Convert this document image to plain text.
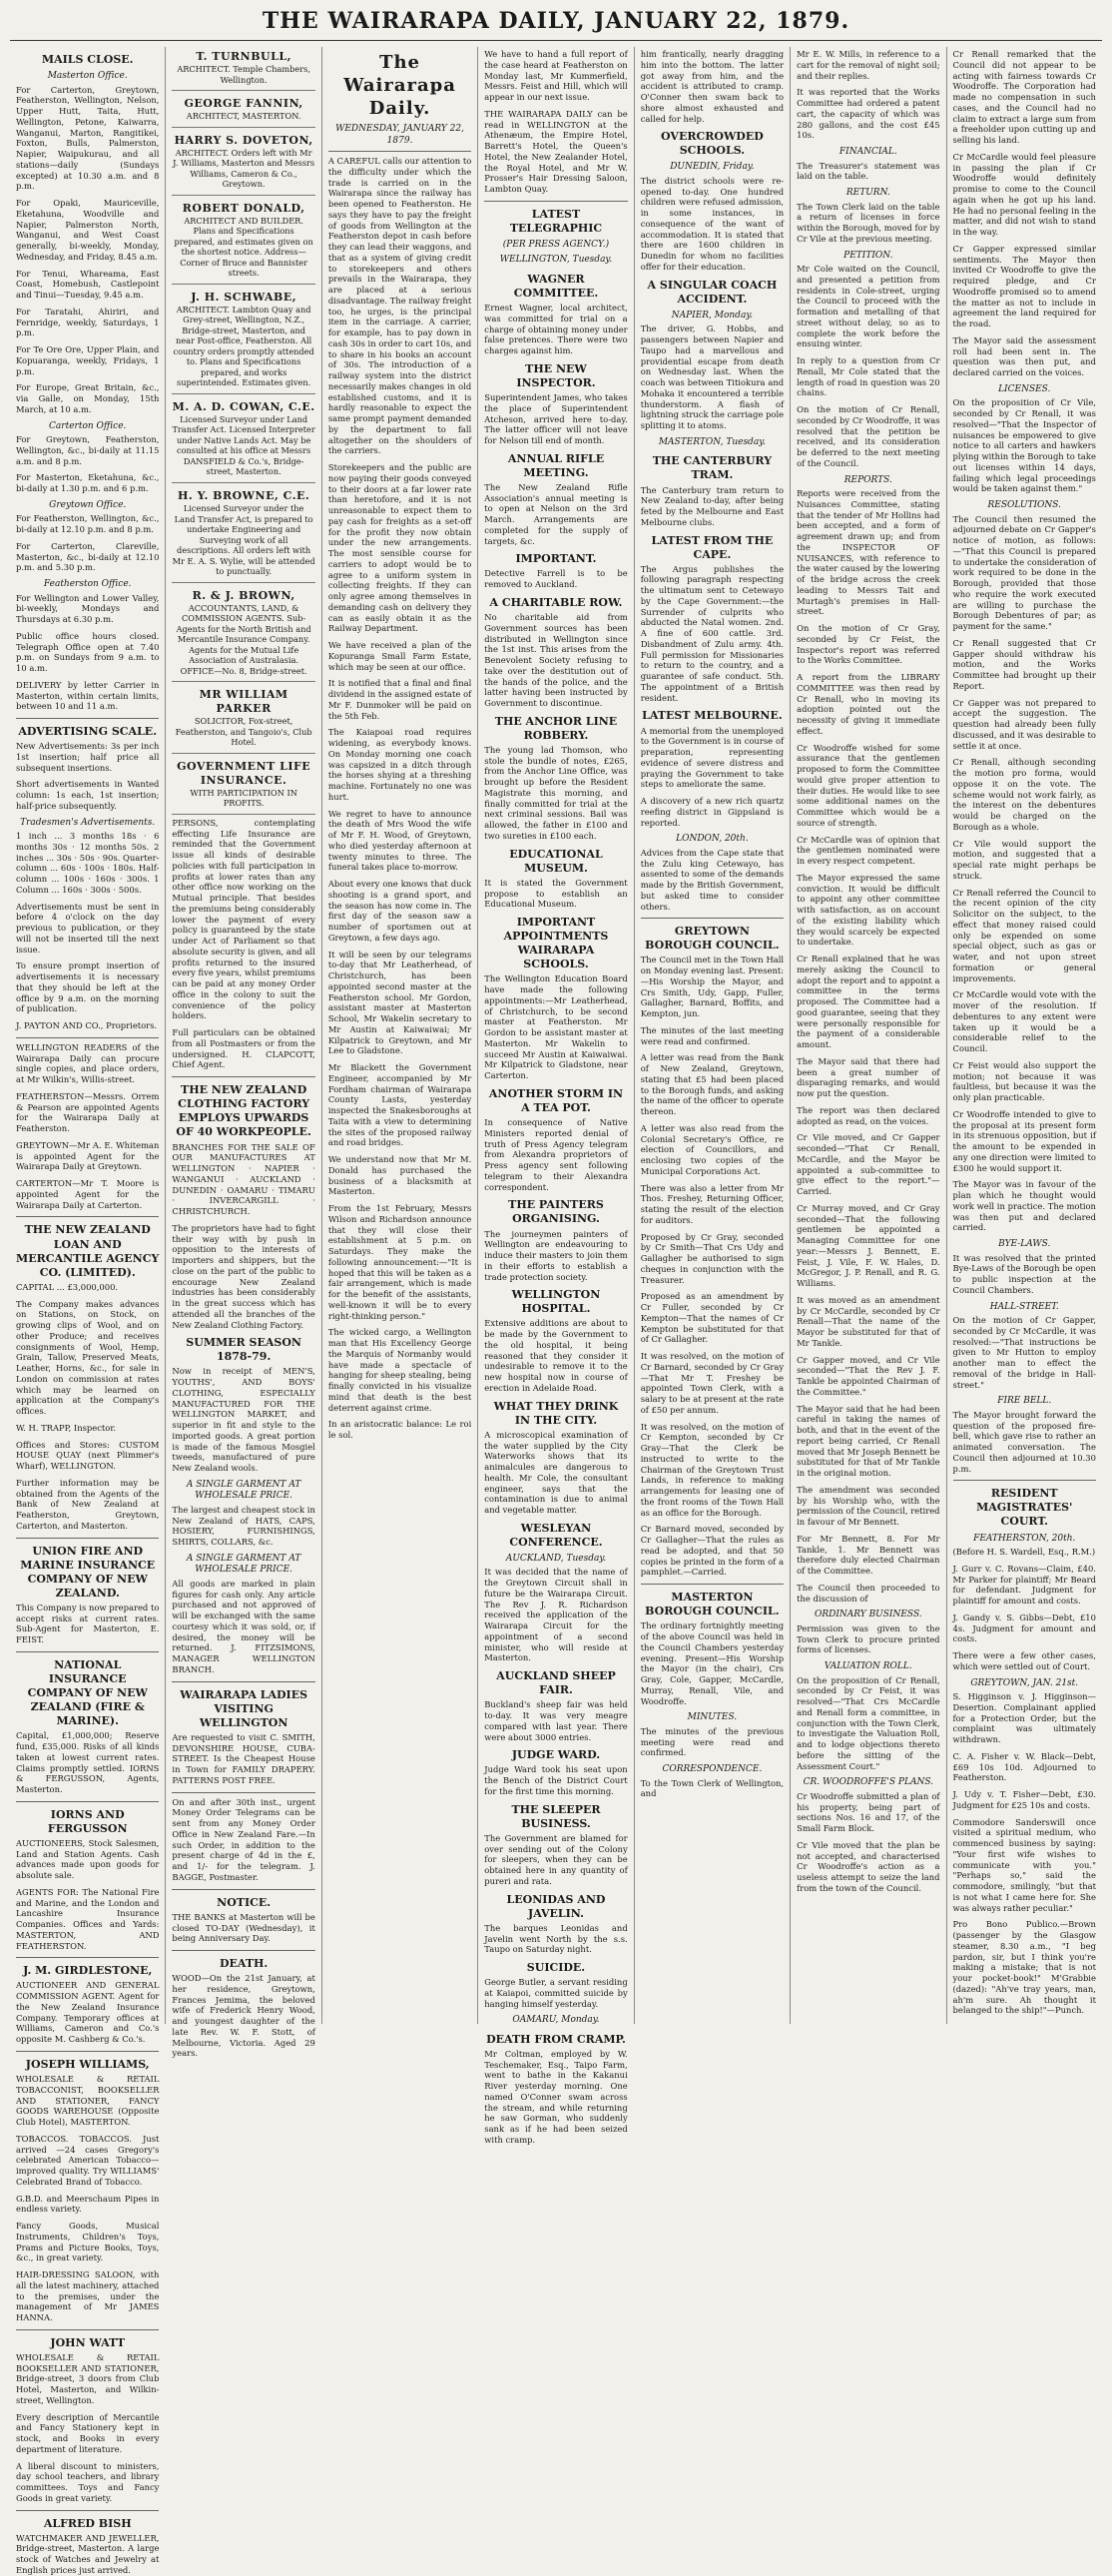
THE WAIRARAPA DAILY, JANUARY 22, 1879.
MAILS CLOSE.
Masterton Office.
For Carterton, Greytown, Featherston, Wellington, Nelson, Upper Hutt, Taita, Hutt, Wellington, Petone, Kaiwarra, Wanganui, Marton, Rangitikei, Foxton, Bulls, Palmerston, Napier, Waipukurau, and all stations—daily (Sundays excepted) at 10.30 a.m. and 8 p.m.
For Opaki, Mauriceville, Eketahuna, Woodville and Napier, Palmerston North, Wanganui, and West Coast generally, bi-weekly, Monday, Wednesday, and Friday, 8.45 a.m.
For Tenui, Whareama, East Coast, Homebush, Castlepoint and Tinui—Tuesday, 9.45 a.m.
For Taratahi, Ahiriri, and Fernridge, weekly, Saturdays, 1 p.m.
For Te Ore Ore, Upper Plain, and Kopuaranga, weekly, Fridays, 1 p.m.
For Europe, Great Britain, &c., via Galle, on Monday, 15th March, at 10 a.m.
Carterton Office.
For Greytown, Featherston, Wellington, &c., bi-daily at 11.15 a.m. and 8 p.m.
For Masterton, Eketahuna, &c., bi-daily at 1.30 p.m. and 6 p.m.
Greytown Office.
For Featherston, Wellington, &c., bi-daily at 12.10 p.m. and 8 p.m.
For Carterton, Clareville, Masterton, &c., bi-daily at 12.10 p.m. and 5.30 p.m.
Featherston Office.
For Wellington and Lower Valley, bi-weekly, Mondays and Thursdays at 6.30 p.m.
Public office hours closed. Telegraph Office open at 7.40 p.m. on Sundays from 9 a.m. to 10 a.m.
DELIVERY by letter Carrier in Masterton, within certain limits, between 10 and 11 a.m.
ADVERTISING SCALE.
New Advertisements: 3s per inch 1st insertion; half price all subsequent insertions.
Short advertisements in Wanted column: 1s each, 1st insertion; half-price subsequently.
Tradesmen's Advertisements.
1 inch ... 3 months 18s · 6 months 30s · 12 months 50s. 2 inches ... 30s · 50s · 90s. Quarter-column ... 60s · 100s · 180s. Half-column ... 100s · 160s · 300s. 1 Column ... 160s · 300s · 500s.
Advertisements must be sent in before 4 o'clock on the day previous to publication, or they will not be inserted till the next issue.
To ensure prompt insertion of advertisements it is necessary that they should be left at the office by 9 a.m. on the morning of publication.
J. PAYTON AND CO., Proprietors.
WELLINGTON READERS of the Wairarapa Daily can procure single copies, and place orders, at Mr Wilkin's, Willis-street.
FEATHERSTON—Messrs. Orrem & Pearson are appointed Agents for the Wairarapa Daily at Featherston.
GREYTOWN—Mr A. E. Whiteman is appointed Agent for the Wairarapa Daily at Greytown.
CARTERTON—Mr T. Moore is appointed Agent for the Wairarapa Daily at Carterton.
THE NEW ZEALAND LOAN AND MERCANTILE AGENCY CO. (LIMITED).
CAPITAL ... £3,000,000.
The Company makes advances on Stations, on Stock, on growing clips of Wool, and on other Produce; and receives consignments of Wool, Hemp, Grain, Tallow, Preserved Meats, Leather, Horns, &c., for sale in London on commission at rates which may be learned on application at the Company's offices.
W. H. TRAPP, Inspector.
Offices and Stores: CUSTOM HOUSE QUAY (next Plimmer's Wharf), WELLINGTON.
Further information may be obtained from the Agents of the Bank of New Zealand at Featherston, Greytown, Carterton, and Masterton.
UNION FIRE AND MARINE INSURANCE COMPANY OF NEW ZEALAND.
This Company is now prepared to accept risks at current rates. Sub-Agent for Masterton, E. FEIST.
NATIONAL INSURANCE COMPANY OF NEW ZEALAND (FIRE & MARINE).
Capital, £1,000,000; Reserve fund, £35,000. Risks of all kinds taken at lowest current rates. Claims promptly settled. IORNS & FERGUSSON, Agents, Masterton.
IORNS AND FERGUSSON
AUCTIONEERS, Stock Salesmen, Land and Station Agents. Cash advances made upon goods for absolute sale.
AGENTS FOR: The National Fire and Marine, and the London and Lancashire Insurance Companies. Offices and Yards: MASTERTON, AND FEATHERSTON.
J. M. GIRDLESTONE,
AUCTIONEER AND GENERAL COMMISSION AGENT. Agent for the New Zealand Insurance Company. Temporary offices at Williams, Cameron and Co.'s opposite M. Cashberg & Co.'s.
JOSEPH WILLIAMS,
WHOLESALE & RETAIL TOBACCONIST, BOOKSELLER AND STATIONER, FANCY GOODS WAREHOUSE (Opposite Club Hotel), MASTERTON.
TOBACCOS. TOBACCOS. Just arrived —24 cases Gregory's celebrated American Tobacco—improved quality. Try WILLIAMS' Celebrated Brand of Tobacco.
G.B.D. and Meerschaum Pipes in endless variety.
Fancy Goods, Musical Instruments, Children's Toys, Prams and Picture Books, Toys, &c., in great variety.
HAIR-DRESSING SALOON, with all the latest machinery, attached to the premises, under the management of Mr JAMES HANNA.
JOHN WATT
WHOLESALE & RETAIL BOOKSELLER AND STATIONER, Bridge-street, 3 doors from Club Hotel, Masterton, and Wilkin-street, Wellington.
Every description of Mercantile and Fancy Stationery kept in stock, and Books in every department of literature.
A liberal discount to ministers, day school teachers, and library committees. Toys and Fancy Goods in great variety.
ALFRED BISH
WATCHMAKER AND JEWELLER, Bridge-street, Masterton. A large stock of Watches and Jewelry at English prices just arrived.
T. TURNBULL,
ARCHITECT. Temple Chambers, Wellington.
GEORGE FANNIN,
ARCHITECT, MASTERTON.
HARRY S. DOVETON,
ARCHITECT. Orders left with Mr J. Williams, Masterton and Messrs Williams, Cameron & Co., Greytown.
ROBERT DONALD,
ARCHITECT AND BUILDER. Plans and Specifications prepared, and estimates given on the shortest notice. Address—Corner of Bruce and Bannister streets.
J. H. SCHWABE,
ARCHITECT. Lambton Quay and Grey-street, Wellington, N.Z., Bridge-street, Masterton, and near Post-office, Featherston. All country orders promptly attended to. Plans and Specifications prepared, and works superintended. Estimates given.
M. A. D. COWAN, C.E.
Licensed Surveyor under Land Transfer Act. Licensed Interpreter under Native Lands Act. May be consulted at his office at Messrs DANSFIELD & Co.'s, Bridge-street, Masterton.
H. Y. BROWNE, C.E.
Licensed Surveyor under the Land Transfer Act, is prepared to undertake Engineering and Surveying work of all descriptions. All orders left with Mr E. A. S. Wylie, will be attended to punctually.
R. & J. BROWN,
ACCOUNTANTS, LAND, & COMMISSION AGENTS. Sub-Agents for the North British and Mercantile Insurance Company. Agents for the Mutual Life Association of Australasia. OFFICE—No. 8, Bridge-street.
MR WILLIAM PARKER
SOLICITOR, Fox-street, Featherston, and Tangoio's, Club Hotel.
GOVERNMENT LIFE INSURANCE.
WITH PARTICIPATION IN PROFITS.
PERSONS, contemplating effecting Life Insurance are reminded that the Government issue all kinds of desirable policies with full participation in profits at lower rates than any other office now working on the Mutual principle. That besides the premiums being considerably lower the payment of every policy is guaranteed by the state under Act of Parliament so that absolute security is given, and all profits returned to the insured every five years, whilst premiums can be paid at any money Order office in the colony to suit the convenience of the policy holders.
Full particulars can be obtained from all Postmasters or from the undersigned. H. CLAPCOTT, Chief Agent.
THE NEW ZEALAND CLOTHING FACTORY EMPLOYS UPWARDS OF 40 WORKPEOPLE.
BRANCHES FOR THE SALE OF OUR MANUFACTURES AT WELLINGTON · NAPIER · WANGANUI · AUCKLAND · DUNEDIN · OAMARU · TIMARU · INVERCARGILL · CHRISTCHURCH.
The proprietors have had to fight their way with by push in opposition to the interests of importers and shippers, but the close on the part of the public to encourage New Zealand industries has been considerably in the great success which has attended all the branches of the New Zealand Clothing Factory.
SUMMER SEASON 1878-79.
Now in receipt of MEN'S, YOUTHS', AND BOYS' CLOTHING, ESPECIALLY MANUFACTURED FOR THE WELLINGTON MARKET, and superior in fit and style to the imported goods. A great portion is made of the famous Mosgiel tweeds, manufactured of pure New Zealand wools.
A SINGLE GARMENT AT WHOLESALE PRICE.
The largest and cheapest stock in New Zealand of HATS, CAPS, HOSIERY, FURNISHINGS, SHIRTS, COLLARS, &c.
A SINGLE GARMENT AT WHOLESALE PRICE.
All goods are marked in plain figures for cash only. Any article purchased and not approved of will be exchanged with the same courtesy which it was sold, or, if desired, the money will be returned. J. FITZSIMONS, MANAGER WELLINGTON BRANCH.
WAIRARAPA LADIES VISITING WELLINGTON
Are requested to visit C. SMITH, DEVONSHIRE HOUSE, CUBA-STREET. Is the Cheapest House in Town for FAMILY DRAPERY. PATTERNS POST FREE.
On and after 30th inst., urgent Money Order Telegrams can be sent from any Money Order Office in New Zealand Fare.—In such Order, in addition to the present charge of 4d in the £, and 1/- for the telegram. J. BAGGE, Postmaster.
NOTICE.
THE BANKS at Masterton will be closed TO-DAY (Wednesday), it being Anniversary Day.
DEATH.
WOOD—On the 21st January, at her residence, Greytown, Frances Jemima, the beloved wife of Frederick Henry Wood, and youngest daughter of the late Rev. W. F. Stott, of Melbourne, Victoria. Aged 29 years.
The Wairarapa Daily.
WEDNESDAY, JANUARY 22, 1879.
A CAREFUL calls our attention to the difficulty under which the trade is carried on in the Wairarapa since the railway has been opened to Featherston. He says they have to pay the freight of goods from Wellington at the Featherston depot in cash before they can lead their waggons, and that as a system of giving credit to storekeepers and others prevails in the Wairarapa, they are placed at a serious disadvantage. The railway freight too, he urges, is the principal item in the carriage. A carrier, for example, has to pay down in cash 30s in order to cart 10s, and to share in his books an account of 30s. The introduction of a railway system into the district necessarily makes changes in old established customs, and it is hardly reasonable to expect the same prompt payment demanded by the department to fall altogether on the shoulders of the carriers.
Storekeepers and the public are now paying their goods conveyed to their doors at a far lower rate than heretofore, and it is not unreasonable to expect them to pay cash for freights as a set-off for the profit they now obtain under the new arrangements. The most sensible course for carriers to adopt would be to agree to a uniform system in collecting freights. If they can only agree among themselves in demanding cash on delivery they can as easily obtain it as the Railway Department.
We have received a plan of the Kopuranga Small Farm Estate, which may be seen at our office.
It is notified that a final and final dividend in the assigned estate of Mr F. Dunmoker will be paid on the 5th Feb.
The Kaiapoai road requires widening, as everybody knows. On Monday morning one coach was capsized in a ditch through the horses shying at a threshing machine. Fortunately no one was hurt.
We regret to have to announce the death of Mrs Wood the wife of Mr F. H. Wood, of Greytown, who died yesterday afternoon at twenty minutes to three. The funeral takes place to-morrow.
About every one knows that duck shooting is a grand sport, and the season has now come in. The first day of the season saw a number of sportsmen out at Greytown, a few days ago.
It will be seen by our telegrams to-day that Mr Leatherhead, of Christchurch, has been appointed second master at the Featherston school. Mr Gordon, assistant master at Masterton School, Mr Wakelin secretary to Mr Austin at Kaiwaiwai; Mr Kilpatrick to Greytown, and Mr Lee to Gladstone.
Mr Blackett the Government Engineer, accompanied by Mr Fordham chairman of Wairarapa County Lasts, yesterday inspected the Snakesboroughs at Taita with a view to determining the sites of the proposed railway and road bridges.
We understand now that Mr M. Donald has purchased the business of a blacksmith at Masterton.
From the 1st February, Messrs Wilson and Richardson announce that they will close their establishment at 5 p.m. on Saturdays. They make the following announcement:—"It is hoped that this will be taken as a fair arrangement, which is made for the benefit of the assistants, well-known it will be to every right-thinking person."
The wicked cargo, a Wellington man that His Excellency George the Marquis of Normanby would have made a spectacle of hanging for sheep stealing, being finally convicted in his visualize mind that death is the best deterrent against crime.
In an aristocratic balance: Le roi le sol.
We have to hand a full report of the case heard at Featherston on Monday last, Mr Kummerfield, Messrs. Feist and Hill, which will appear in our next issue.
THE WAIRARAPA DAILY can be read in WELLINGTON at the Athenæum, the Empire Hotel, Barrett's Hotel, the Queen's Hotel, the New Zealander Hotel, the Royal Hotel, and Mr W. Prosser's Hair Dressing Saloon, Lambton Quay.
LATEST TELEGRAPHIC
(PER PRESS AGENCY.)
WELLINGTON, Tuesday.
WAGNER COMMITTEE.
Ernest Wagner, local architect, was committed for trial on a charge of obtaining money under false pretences. There were two charges against him.
THE NEW INSPECTOR.
Superintendent James, who takes the place of Superintendent Atcheson, arrived here to-day. The latter officer will not leave for Nelson till end of month.
ANNUAL RIFLE MEETING.
The New Zealand Rifle Association's annual meeting is to open at Nelson on the 3rd March. Arrangements are completed for the supply of targets, &c.
IMPORTANT.
Detective Farrell is to be removed to Auckland.
A CHARITABLE ROW.
No charitable aid from Government sources has been distributed in Wellington since the 1st inst. This arises from the Benevolent Society refusing to take over the destitution out of the hands of the police, and the latter having been instructed by Government to discontinue.
THE ANCHOR LINE ROBBERY.
The young lad Thomson, who stole the bundle of notes, £265, from the Anchor Line Office, was brought up before the Resident Magistrate this morning, and finally committed for trial at the next criminal sessions. Bail was allowed, the father in £100 and two sureties in £100 each.
EDUCATIONAL MUSEUM.
It is stated the Government propose to establish an Educational Museum.
IMPORTANT APPOINTMENTS WAIRARAPA SCHOOLS.
The Wellington Education Board have made the following appointments:—Mr Leatherhead, of Christchurch, to be second master at Featherston. Mr Gordon to be assistant master at Masterton. Mr Wakelin to succeed Mr Austin at Kaiwaiwai. Mr Kilpatrick to Gladstone, near Carterton.
ANOTHER STORM IN A TEA POT.
In consequence of Native Ministers reported denial of truth of Press Agency telegram from Alexandra proprietors of Press agency sent following telegram to their Alexandra correspondent.
THE PAINTERS ORGANISING.
The journeymen painters of Wellington are endeavouring to induce their masters to join them in their efforts to establish a trade protection society.
WELLINGTON HOSPITAL.
Extensive additions are about to be made by the Government to the old hospital, it being reasoned that they consider it undesirable to remove it to the new hospital now in course of erection in Adelaide Road.
WHAT THEY DRINK IN THE CITY.
A microscopical examination of the water supplied by the City Waterworks shows that its animalcules are dangerous to health. Mr Cole, the consultant engineer, says that the contamination is due to animal and vegetable matter.
WESLEYAN CONFERENCE.
AUCKLAND, Tuesday.
It was decided that the name of the Greytown Circuit shall in future be the Wairarapa Circuit. The Rev J. R. Richardson received the application of the Wairarapa Circuit for the appointment of a second minister, who will reside at Masterton.
AUCKLAND SHEEP FAIR.
Buckland's sheep fair was held to-day. It was very meagre compared with last year. There were about 3000 entries.
JUDGE WARD.
Judge Ward took his seat upon the Bench of the District Court for the first time this morning.
THE SLEEPER BUSINESS.
The Government are blamed for over sending out of the Colony for sleepers, when they can be obtained here in any quantity of pureri and rata.
LEONIDAS AND JAVELIN.
The barques Leonidas and Javelin went North by the s.s. Taupo on Saturday night.
SUICIDE.
George Butler, a servant residing at Kaiapoi, committed suicide by hanging himself yesterday.
OAMARU, Monday.
DEATH FROM CRAMP.
Mr Coltman, employed by W. Teschemaker, Esq., Taipo Farm, went to bathe in the Kakanui River yesterday morning. One named O'Conner swam across the stream, and while returning he saw Gorman, who suddenly sank as if he had been seized with cramp.
him frantically, nearly dragging him into the bottom. The latter got away from him, and the accident is attributed to cramp. O'Conner then swam back to shore almost exhausted and called for help.
OVERCROWDED SCHOOLS.
DUNEDIN, Friday.
The district schools were re-opened to-day. One hundred children were refused admission, in some instances, in consequence of the want of accommodation. It is stated that there are 1600 children in Dunedin for whom no facilities offer for their education.
A SINGULAR COACH ACCIDENT.
NAPIER, Monday.
The driver, G. Hobbs, and passengers between Napier and Taupo had a marvellous and providential escape from death on Wednesday last. When the coach was between Titiokura and Mohaka it encountered a terrible thunderstorm. A flash of lightning struck the carriage pole splitting it to atoms.
MASTERTON, Tuesday.
THE CANTERBURY TRAM.
The Canterbury tram return to New Zealand to-day, after being feted by the Melbourne and East Melbourne clubs.
LATEST FROM THE CAPE.
The Argus publishes the following paragraph respecting the ultimatum sent to Cetewayo by the Cape Government:—the Surrender of culprits who abducted the Natal women. 2nd. A fine of 600 cattle. 3rd. Disbandment of Zulu army. 4th. Full permission for Missionaries to return to the country, and a guarantee of safe conduct. 5th. The appointment of a British resident.
LATEST MELBOURNE.
A memorial from the unemployed to the Government is in course of preparation, representing evidence of severe distress and praying the Government to take steps to ameliorate the same.
A discovery of a new rich quartz reefing district in Gippsland is reported.
LONDON, 20th.
Advices from the Cape state that the Zulu king Cetewayo, has assented to some of the demands made by the British Government, but asked time to consider others.
GREYTOWN BOROUGH COUNCIL.
The Council met in the Town Hall on Monday evening last. Present:—His Worship the Mayor, and Crs Smith, Udy, Gapp, Fuller, Gallagher, Barnard, Boffits, and Kempton, jun.
The minutes of the last meeting were read and confirmed.
A letter was read from the Bank of New Zealand, Greytown, stating that £5 had been placed to the Borough funds, and asking the name of the officer to operate thereon.
A letter was also read from the Colonial Secretary's Office, re election of Councillors, and enclosing two copies of the Municipal Corporations Act.
There was also a letter from Mr Thos. Freshey, Returning Officer, stating the result of the election for auditors.
Proposed by Cr Gray, seconded by Cr Smith—That Crs Udy and Gallagher be authorised to sign cheques in conjunction with the Treasurer.
Proposed as an amendment by Cr Fuller, seconded by Cr Kempton—That the names of Cr Kempton be substituted for that of Cr Gallagher.
It was resolved, on the motion of Cr Barnard, seconded by Cr Gray—That Mr T. Freshey be appointed Town Clerk, with a salary to be at present at the rate of £50 per annum.
It was resolved, on the motion of Cr Kempton, seconded by Cr Gray—That the Clerk be instructed to write to the Chairman of the Greytown Trust Lands, in reference to making arrangements for leasing one of the front rooms of the Town Hall as an office for the Borough.
Cr Barnard moved, seconded by Cr Gallagher—That the rules as read be adopted, and that 50 copies be printed in the form of a pamphlet.—Carried.
MASTERTON BOROUGH COUNCIL.
The ordinary fortnightly meeting of the above Council was held in the Council Chambers yesterday evening. Present—His Worship the Mayor (in the chair), Crs Gray, Cole, Gapper, McCardle, Murray, Renall, Vile, and Woodroffe.
MINUTES.
The minutes of the previous meeting were read and confirmed.
CORRESPONDENCE.
To the Town Clerk of Wellington, and
Mr E. W. Mills, in reference to a cart for the removal of night soil; and their replies.
It was reported that the Works Committee had ordered a patent cart, the capacity of which was 280 gallons, and the cost £45 10s.
FINANCIAL.
The Treasurer's statement was laid on the table.
RETURN.
The Town Clerk laid on the table a return of licenses in force within the Borough, moved for by Cr Vile at the previous meeting.
PETITION.
Mr Cole waited on the Council, and presented a petition from residents in Cole-street, urging the Council to proceed with the formation and metalling of that street without delay, so as to complete the work before the ensuing winter.
In reply to a question from Cr Renall, Mr Cole stated that the length of road in question was 20 chains.
On the motion of Cr Renall, seconded by Cr Woodroffe, it was resolved that the petition be received, and its consideration be deferred to the next meeting of the Council.
REPORTS.
Reports were received from the Nuisances Committee, stating that the tender of Mr Hollins had been accepted, and a form of agreement drawn up; and from the INSPECTOR OF NUISANCES, with reference to the water caused by the lowering of the bridge across the creek leading to Messrs Tait and Murtagh's premises in Hall-street.
On the motion of Cr Gray, seconded by Cr Feist, the Inspector's report was referred to the Works Committee.
A report from the LIBRARY COMMITTEE was then read by Cr Renall, who in moving its adoption pointed out the necessity of giving it immediate effect.
Cr Woodroffe wished for some assurance that the gentlemen proposed to form the Committee would give proper attention to their duties. He would like to see some additional names on the Committee which would be a source of strength.
Cr McCardle was of opinion that the gentlemen nominated were in every respect competent.
The Mayor expressed the same conviction. It would be difficult to appoint any other committee with satisfaction, as on account of the existing liability which they would scarcely be expected to undertake.
Cr Renall explained that he was merely asking the Council to adopt the report and to appoint a committee in the terms proposed. The Committee had a good guarantee, seeing that they were personally responsible for the payment of a considerable amount.
The Mayor said that there had been a great number of disparaging remarks, and would now put the question.
The report was then declared adopted as read, on the voices.
Cr Vile moved, and Cr Gapper seconded—"That Cr Renall, McCardle, and the Mayor be appointed a sub-committee to give effect to the report."—Carried.
Cr Murray moved, and Cr Gray seconded—That the following gentlemen be appointed a Managing Committee for one year:—Messrs J. Bennett, E. Feist, J. Vile, F. W. Hales, D. McGregor, J. P. Renall, and R. G. Williams.
It was moved as an amendment by Cr McCardle, seconded by Cr Renall—That the name of the Mayor be substituted for that of Mr Tankle.
Cr Gapper moved, and Cr Vile seconded—"That the Rev J. F. Tankle be appointed Chairman of the Committee."
The Mayor said that he had been careful in taking the names of both, and that in the event of the report being carried, Cr Renall moved that Mr Joseph Bennett be substituted for that of Mr Tankle in the original motion.
The amendment was seconded by his Worship who, with the permission of the Council, retired in favour of Mr Bennett.
For Mr Bennett, 8. For Mr Tankle, 1. Mr Bennett was therefore duly elected Chairman of the Committee.
The Council then proceeded to the discussion of
ORDINARY BUSINESS.
Permission was given to the Town Clerk to procure printed forms of licenses.
VALUATION ROLL.
On the proposition of Cr Renall, seconded by Cr Feist, it was resolved—"That Crs McCardle and Renall form a committee, in conjunction with the Town Clerk, to investigate the Valuation Roll, and to lodge objections thereto before the sitting of the Assessment Court."
CR. WOODROFFE'S PLANS.
Cr Woodroffe submitted a plan of his property, being part of sections Nos. 16 and 17, of the Small Farm Block.
Cr Vile moved that the plan be not accepted, and characterised Cr Woodroffe's action as a useless attempt to seize the land from the town of the Council.
Cr Renall remarked that the Council did not appear to be acting with fairness towards Cr Woodroffe. The Corporation had made no compensation in such cases, and the Council had no claim to extract a large sum from a freeholder upon cutting up and selling his land.
Cr McCardle would feel pleasure in passing the plan if Cr Woodroffe would definitely promise to come to the Council again when he got up his land. He had no personal feeling in the matter, and did not wish to stand in the way.
Cr Gapper expressed similar sentiments. The Mayor then invited Cr Woodroffe to give the required pledge, and Cr Woodroffe promised so to amend the matter as not to include in agreement the land required for the road.
The Mayor said the assessment roll had been sent in. The question was then put, and declared carried on the voices.
LICENSES.
On the proposition of Cr Vile, seconded by Cr Renall, it was resolved—"That the Inspector of nuisances be empowered to give notice to all carters and hawkers plying within the Borough to take out licenses within 14 days, failing which legal proceedings would be taken against them."
RESOLUTIONS.
The Council then resumed the adjourned debate on Cr Gapper's notice of motion, as follows:—"That this Council is prepared to undertake the consideration of work required to be done in the Borough, provided that those who require the work executed are willing to purchase the Borough Debentures of par; as payment for the same."
Cr Renall suggested that Cr Gapper should withdraw his motion, and the Works Committee had brought up their Report.
Cr Gapper was not prepared to accept the suggestion. The question had already been fully discussed, and it was desirable to settle it at once.
Cr Renall, although seconding the motion pro forma, would oppose it on the vote. The scheme would not work fairly, as the interest on the debentures would be charged on the Borough as a whole.
Cr Vile would support the motion, and suggested that a special rate might perhaps be struck.
Cr Renall referred the Council to the recent opinion of the city Solicitor on the subject, to the effect that money raised could only be expended on some special object, such as gas or water, and not upon street formation or general improvements.
Cr McCardle would vote with the mover of the resolution. If debentures to any extent were taken up it would be a considerable relief to the Council.
Cr Feist would also support the motion; not because it was faultless, but because it was the only plan practicable.
Cr Woodroffe intended to give to the proposal at its present form in its strenuous opposition, but if the amount to be expended in any one direction were limited to £300 he would support it.
The Mayor was in favour of the plan which he thought would work well in practice. The motion was then put and declared carried.
BYE-LAWS.
It was resolved that the printed Bye-Laws of the Borough be open to public inspection at the Council Chambers.
HALL-STREET.
On the motion of Cr Gapper, seconded by Cr McCardle, it was resolved:—"That instructions be given to Mr Hutton to employ another man to effect the removal of the bridge in Hall-street."
FIRE BELL.
The Mayor brought forward the question of the proposed fire-bell, which gave rise to rather an animated conversation. The Council then adjourned at 10.30 p.m.
RESIDENT MAGISTRATES' COURT.
FEATHERSTON, 20th.
(Before H. S. Wardell, Esq., R.M.)
J. Gurr v. C. Rovans—Claim, £40. Mr Parker for plaintiff; Mr Beard for defendant. Judgment for plaintiff for amount and costs.
J. Gandy v. S. Gibbs—Debt, £10 4s. Judgment for amount and costs.
There were a few other cases, which were settled out of Court.
GREYTOWN, JAN. 21st.
S. Higginson v. J. Higginson—Desertion. Complainant applied for a Protection Order, but the complaint was ultimately withdrawn.
C. A. Fisher v. W. Black—Debt, £69 10s 10d. Adjourned to Featherston.
J. Udy v. T. Fisher—Debt, £30. Judgment for £25 10s and costs.
Commodore Sanderswill once visited a spiritual medium, who commenced business by saying: "Your first wife wishes to communicate with you." "Perhaps so," said the commodore, smilingly, "but that is not what I came here for. She was always rather peculiar."
Pro Bono Publico.—Brown (passenger by the Glasgow steamer, 8.30 a.m., "I beg pardon, sir, but I think you're making a mistake; that is not your pocket-book!" M'Grabbie (dazed): "Ah've tray years, man, ah'm sure. Ah thought it belanged to the ship!"—Punch.
